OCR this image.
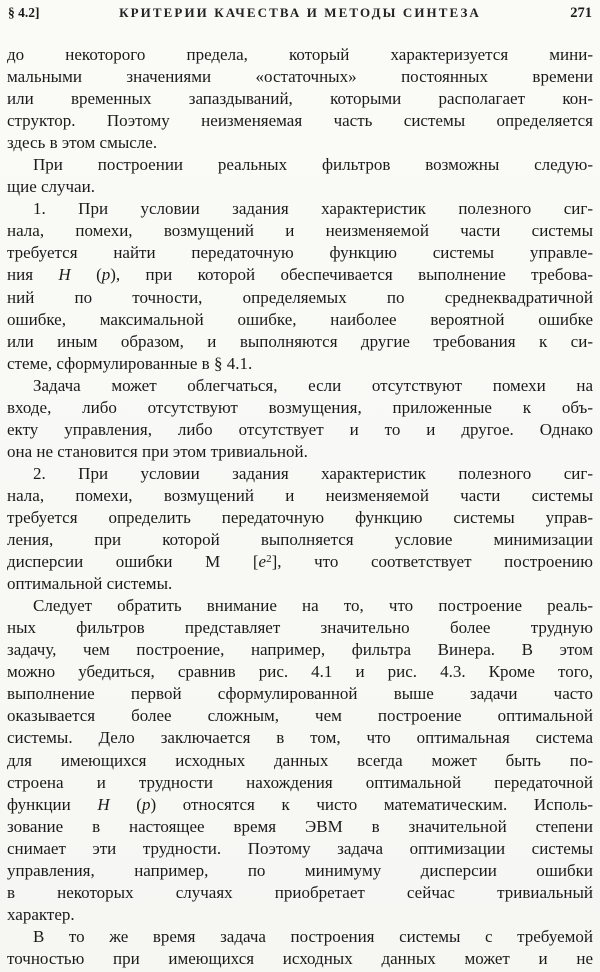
§ 4.2]	КРИТЕРИИ КАЧЕСТВА И МЕТОДЫ СИНТЕЗА	271
до некоторого предела, который характеризуется мини-
мальными значениями «остаточных» постоянных времени
или временных запаздываний, которыми располагает кон-
структор. Поэтому неизменяемая часть системы определяется
здесь в этом смысле.
При построении реальных фильтров возможны следую-
щие случаи.
1. При условии задания характеристик полезного сиг-
нала, помехи, возмущений и неизменяемой части системы
требуется найти передаточную функцию системы управле-
ния H (p), при которой обеспечивается выполнение требова-
ний по точности, определяемых по среднеквадратичной
ошибке, максимальной ошибке, наиболее вероятной ошибке
или иным образом, и выполняются другие требования к си-
стеме, сформулированные в § 4.1.
Задача может облегчаться, если отсутствуют помехи на
входе, либо отсутствуют возмущения, приложенные к объ-
екту управления, либо отсутствует и то и другое. Однако
она не становится при этом тривиальной.
2. При условии задания характеристик полезного сиг-
нала, помехи, возмущений и неизменяемой части системы
требуется определить передаточную функцию системы управ-
ления, при которой выполняется условие минимизации
дисперсии ошибки M $[e^2]$, что соответствует построению
оптимальной системы.
Следует обратить внимание на то, что построение реаль-
ных фильтров представляет значительно более трудную
задачу, чем построение, например, фильтра Винера. В этом
можно убедиться, сравнив рис. 4.1 и рис. 4.3. Кроме того,
выполнение первой сформулированной выше задачи часто
оказывается более сложным, чем построение оптимальной
системы. Дело заключается в том, что оптимальная система
для имеющихся исходных данных всегда может быть по-
строена и трудности нахождения оптимальной передаточной
функции H (p) относятся к чисто математическим. Исполь-
зование в настоящее время ЭВМ в значительной степени
снимает эти трудности. Поэтому задача оптимизации системы
управления, например, по минимуму дисперсии ошибки
в некоторых случаях приобретает сейчас тривиальный
характер.
В то же время задача построения системы с требуемой
точностью при имеющихся исходных данных может и не
